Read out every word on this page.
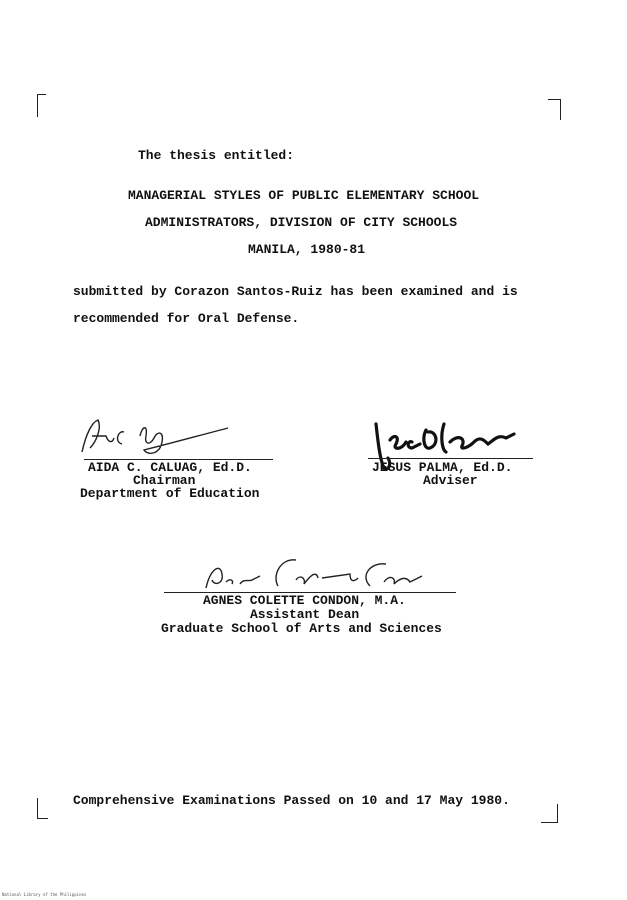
The thesis entitled:
MANAGERIAL STYLES OF PUBLIC ELEMENTARY SCHOOL
ADMINISTRATORS, DIVISION OF CITY SCHOOLS
MANILA, 1980-81
submitted by Corazon Santos-Ruiz has been examined and is
recommended for Oral Defense.
AIDA C. CALUAG, Ed.D.
Chairman
Department of Education
JESUS PALMA, Ed.D.
Adviser
AGNES COLETTE CONDON, M.A.
Assistant Dean
Graduate School of Arts and Sciences
Comprehensive Examinations Passed on 10 and 17 May 1980.
National Library of the Philippines
